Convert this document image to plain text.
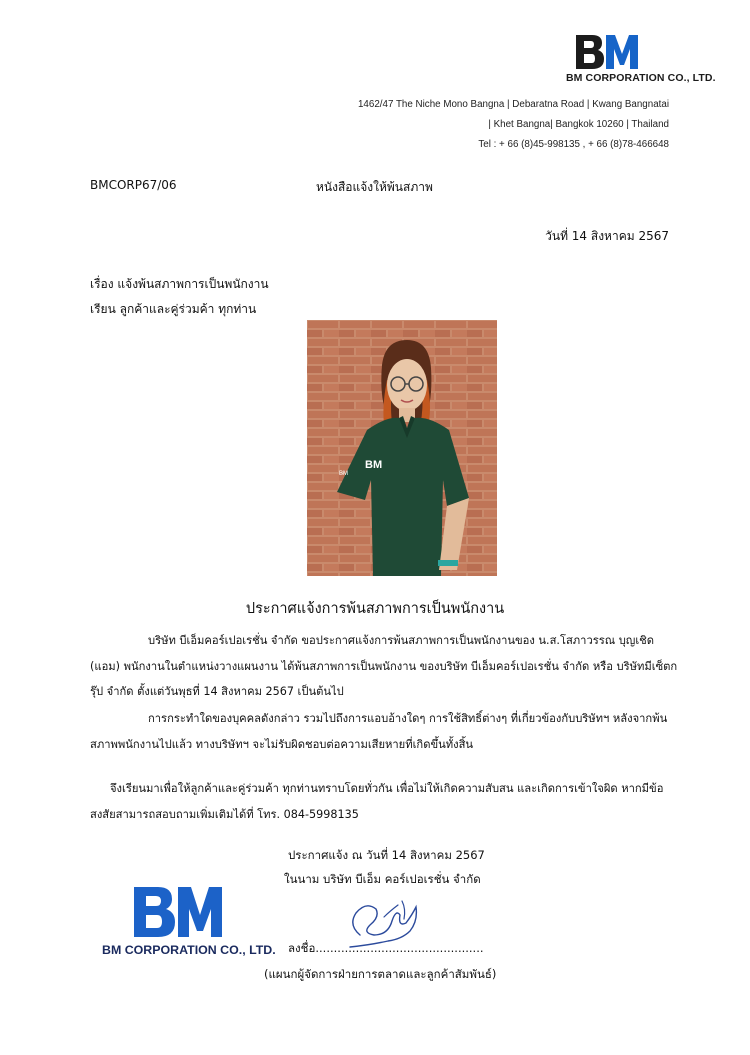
BM CORPORATION CO., LTD.
1462/47 The Niche Mono Bangna | Debaratna Road | Kwang Bangnatai
| Khet Bangna| Bangkok 10260 | Thailand
Tel : + 66 (8)45-998135 , + 66 (8)78-466648
BMCORP67/06	หนังสือแจ้งให้พ้นสภาพ
วันที่ 14 สิงหาคม 2567
เรื่อง แจ้งพ้นสภาพการเป็นพนักงาน
เรียน ลูกค้าและคู่ร่วมค้า ทุกท่าน
BM
BM
ประกาศแจ้งการพ้นสภาพการเป็นพนักงาน
บริษัท บีเอ็มคอร์เปอเรชั่น จำกัด ขอประกาศแจ้งการพ้นสภาพการเป็นพนักงานของ น.ส.โสภาวรรณ บุญเชิด (แอม) พนักงานในตำแหน่งวางแผนงาน ได้พ้นสภาพการเป็นพนักงาน ของบริษัท บีเอ็มคอร์เปอเรชั่น จำกัด หรือ บริษัทมีเซ็ตกรุ๊ป จำกัด ตั้งแต่วันพุธที่ 14 สิงหาคม 2567 เป็นต้นไป
การกระทำใดของบุคคลดังกล่าว รวมไปถึงการแอบอ้างใดๆ การใช้สิทธิ์ต่างๆ ที่เกี่ยวข้องกับบริษัทฯ หลังจากพ้นสภาพพนักงานไปแล้ว ทางบริษัทฯ จะไม่รับผิดชอบต่อความเสียหายที่เกิดขึ้นทั้งสิ้น
จึงเรียนมาเพื่อให้ลูกค้าและคู่ร่วมค้า ทุกท่านทราบโดยทั่วกัน เพื่อไม่ให้เกิดความสับสน และเกิดการเข้าใจผิด หากมีข้อสงสัยสามารถสอบถามเพิ่มเติมได้ที่ โทร. 084-5998135
ประกาศแจ้ง ณ วันที่ 14 สิงหาคม 2567
ในนาม บริษัท บีเอ็ม คอร์เปอเรชั่น จำกัด
BM CORPORATION CO., LTD. ลงชื่อ..............................................
(แผนกผู้จัดการฝ่ายการตลาดและลูกค้าสัมพันธ์)
